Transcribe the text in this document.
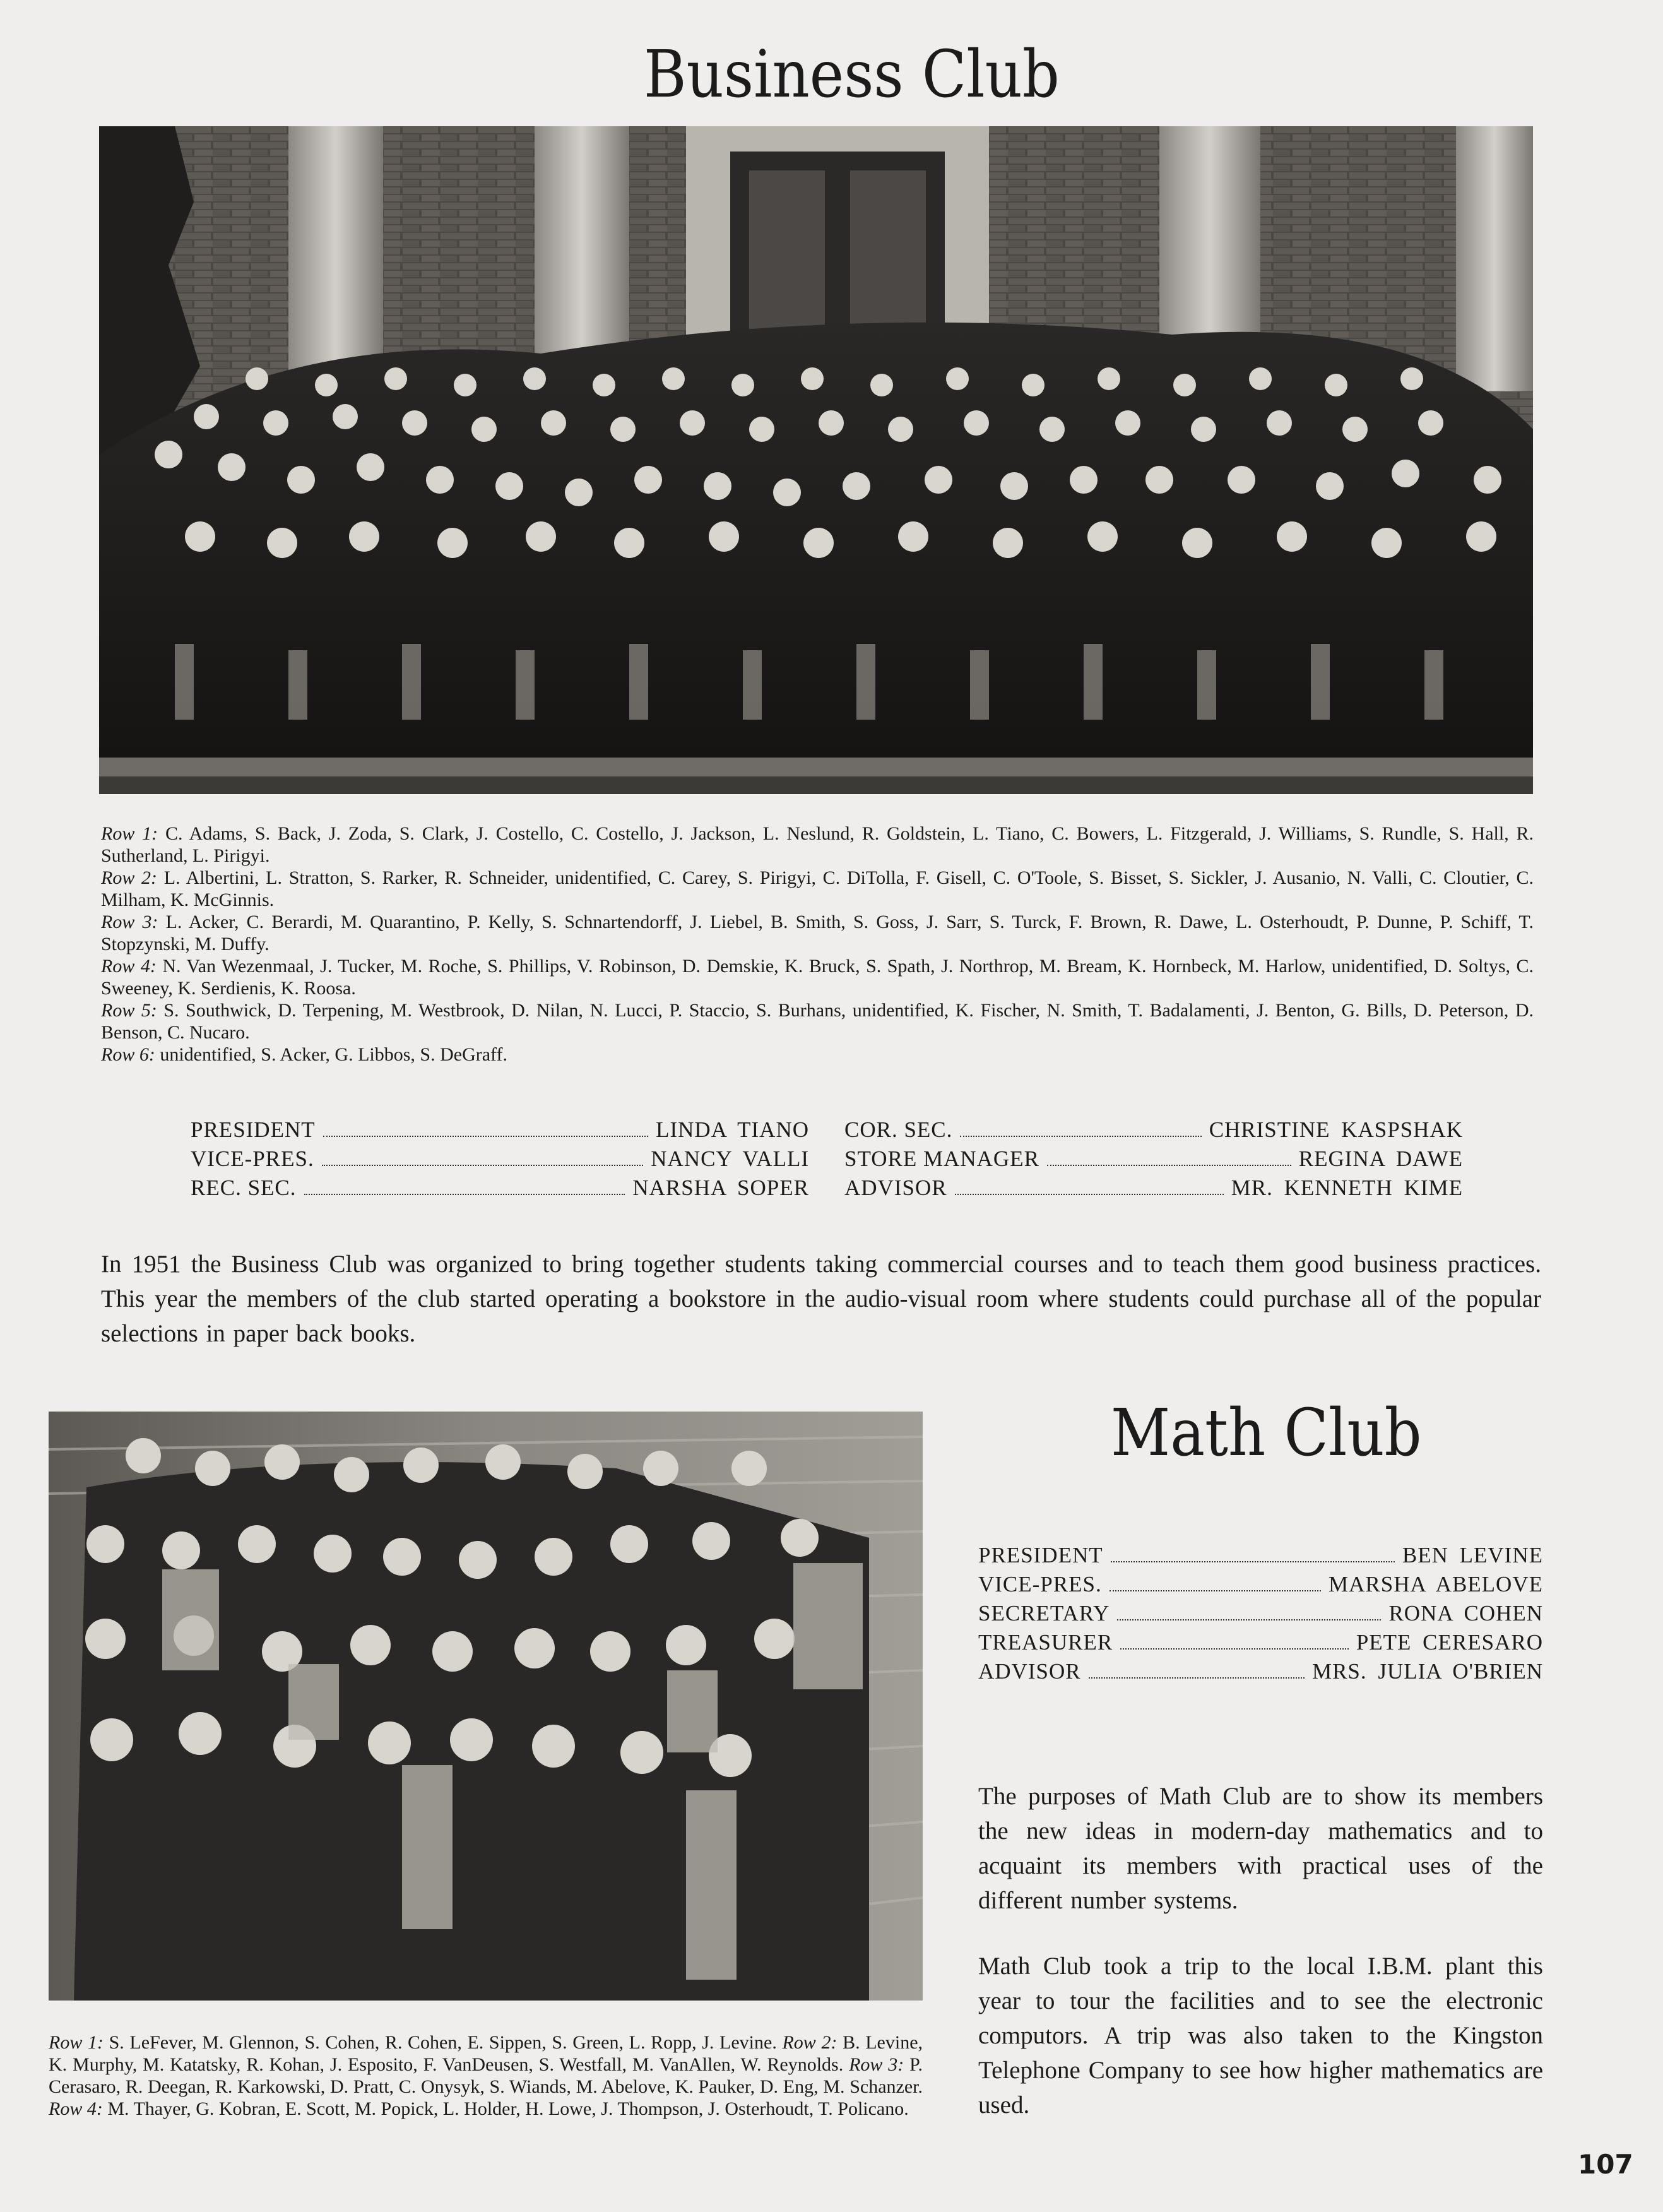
Business Club

Row 1: C. Adams, S. Back, J. Zoda, S. Clark, J. Costello, C. Costello, J. Jackson, L. Neslund, R. Goldstein, L. Tiano, C. Bowers, L. Fitzgerald, J. Williams, S. Rundle, S. Hall, R. Sutherland, L. Pirigyi.

Row 2: L. Albertini, L. Stratton, S. Rarker, R. Schneider, unidentified, C. Carey, S. Pirigyi, C. DiTolla, F. Gisell, C. O'Toole, S. Bisset, S. Sickler, J. Ausanio, N. Valli, C. Cloutier, C. Milham, K. McGinnis.

Row 3: L. Acker, C. Berardi, M. Quarantino, P. Kelly, S. Schnartendorff, J. Liebel, B. Smith, S. Goss, J. Sarr, S. Turck, F. Brown, R. Dawe, L. Osterhoudt, P. Dunne, P. Schiff, T. Stopzynski, M. Duffy.

Row 4: N. Van Wezenmaal, J. Tucker, M. Roche, S. Phillips, V. Robinson, D. Demskie, K. Bruck, S. Spath, J. Northrop, M. Bream, K. Hornbeck, M. Harlow, unidentified, D. Soltys, C. Sweeney, K. Serdienis, K. Roosa.

Row 5: S. Southwick, D. Terpening, M. Westbrook, D. Nilan, N. Lucci, P. Staccio, S. Burhans, unidentified, K. Fischer, N. Smith, T. Badalamenti, J. Benton, G. Bills, D. Peterson, D. Benson, C. Nucaro.

Row 6: unidentified, S. Acker, G. Libbos, S. DeGraff.

PRESIDENT	LINDA TIANO
VICE-PRES.	NANCY VALLI
REC. SEC.	NARSHA SOPER
COR. SEC.	CHRISTINE KASPSHAK
STORE MANAGER	REGINA DAWE
ADVISOR	MR. KENNETH KIME
In 1951 the Business Club was organized to bring together students taking commercial courses and to teach them good business practices. This year the members of the club started operating a bookstore in the audio-visual room where students could purchase all of the popular selections in paper back books.
Math Club
PRESIDENT	BEN LEVINE
VICE-PRES.	MARSHA ABELOVE
SECRETARY	RONA COHEN
TREASURER	PETE CERESARO
ADVISOR	MRS. JULIA O'BRIEN
The purposes of Math Club are to show its members the new ideas in modern-day mathematics and to acquaint its members with practical uses of the different number systems.
Math Club took a trip to the local I.B.M. plant this year to tour the facilities and to see the electronic computors. A trip was also taken to the Kingston Telephone Company to see how higher mathematics are used.
Row 1: S. LeFever, M. Glennon, S. Cohen, R. Cohen, E. Sippen, S. Green, L. Ropp, J. Levine. Row 2: B. Levine, K. Murphy, M. Katatsky, R. Kohan, J. Esposito, F. VanDeusen, S. Westfall, M. VanAllen, W. Reynolds. Row 3: P. Cerasaro, R. Deegan, R. Karkowski, D. Pratt, C. Onysyk, S. Wiands, M. Abelove, K. Pauker, D. Eng, M. Schanzer. Row 4: M. Thayer, G. Kobran, E. Scott, M. Popick, L. Holder, H. Lowe, J. Thompson, J. Osterhoudt, T. Policano.
107
